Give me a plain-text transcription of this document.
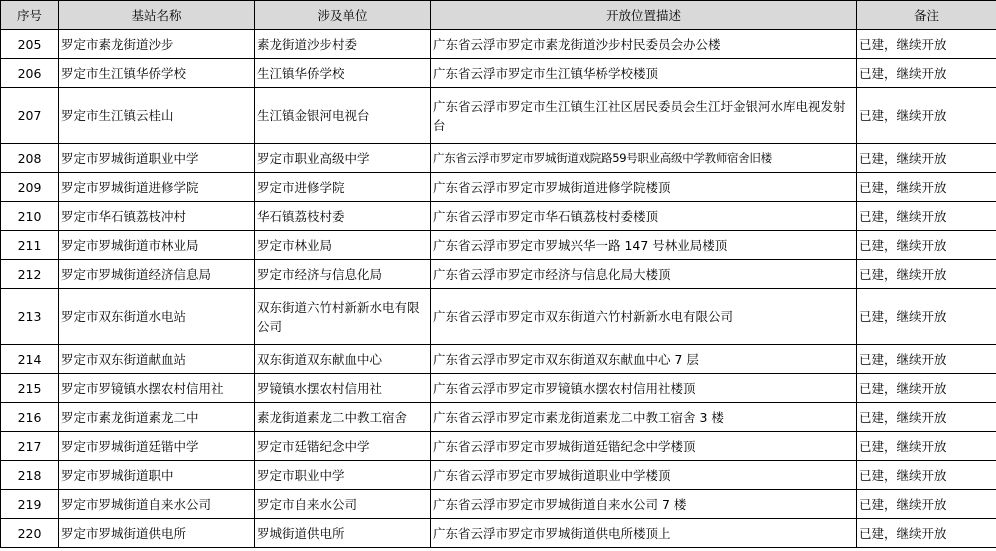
序号	基站名称	涉及单位	开放位置描述	备注
205	罗定市素龙街道沙步	素龙街道沙步村委	广东省云浮市罗定市素龙街道沙步村民委员会办公楼	已建，继续开放
206	罗定市生江镇华侨学校	生江镇华侨学校	广东省云浮市罗定市生江镇华桥学校楼顶	已建，继续开放
207	罗定市生江镇云桂山	生江镇金银河电视台	广东省云浮市罗定市生江镇生江社区居民委员会生江圩金银河水库电视发射台	已建，继续开放
208	罗定市罗城街道职业中学	罗定市职业高级中学	广东省云浮市罗定市罗城街道戏院路59号职业高级中学教师宿舍旧楼	已建，继续开放
209	罗定市罗城街道进修学院	罗定市进修学院	广东省云浮市罗定市罗城街道进修学院楼顶	已建，继续开放
210	罗定市华石镇荔枝冲村	华石镇荔枝村委	广东省云浮市罗定市华石镇荔枝村委楼顶	已建，继续开放
211	罗定市罗城街道市林业局	罗定市林业局	广东省云浮市罗定市罗城兴华一路 147 号林业局楼顶	已建，继续开放
212	罗定市罗城街道经济信息局	罗定市经济与信息化局	广东省云浮市罗定市经济与信息化局大楼顶	已建，继续开放
213	罗定市双东街道水电站	双东街道六竹村新新水电有限公司	广东省云浮市罗定市双东街道六竹村新新水电有限公司	已建，继续开放
214	罗定市双东街道献血站	双东街道双东献血中心	广东省云浮市罗定市双东街道双东献血中心 7 层	已建，继续开放
215	罗定市罗镜镇水摆农村信用社	罗镜镇水摆农村信用社	广东省云浮市罗定市罗镜镇水摆农村信用社楼顶	已建，继续开放
216	罗定市素龙街道素龙二中	素龙街道素龙二中教工宿舍	广东省云浮市罗定市素龙街道素龙二中教工宿舍 3 楼	已建，继续开放
217	罗定市罗城街道廷锴中学	罗定市廷锴纪念中学	广东省云浮市罗定市罗城街道廷锴纪念中学楼顶	已建，继续开放
218	罗定市罗城街道职中	罗定市职业中学	广东省云浮市罗定市罗城街道职业中学楼顶	已建，继续开放
219	罗定市罗城街道自来水公司	罗定市自来水公司	广东省云浮市罗定市罗城街道自来水公司 7 楼	已建，继续开放
220	罗定市罗城街道供电所	罗城街道供电所	广东省云浮市罗定市罗城街道供电所楼顶上	已建，继续开放
